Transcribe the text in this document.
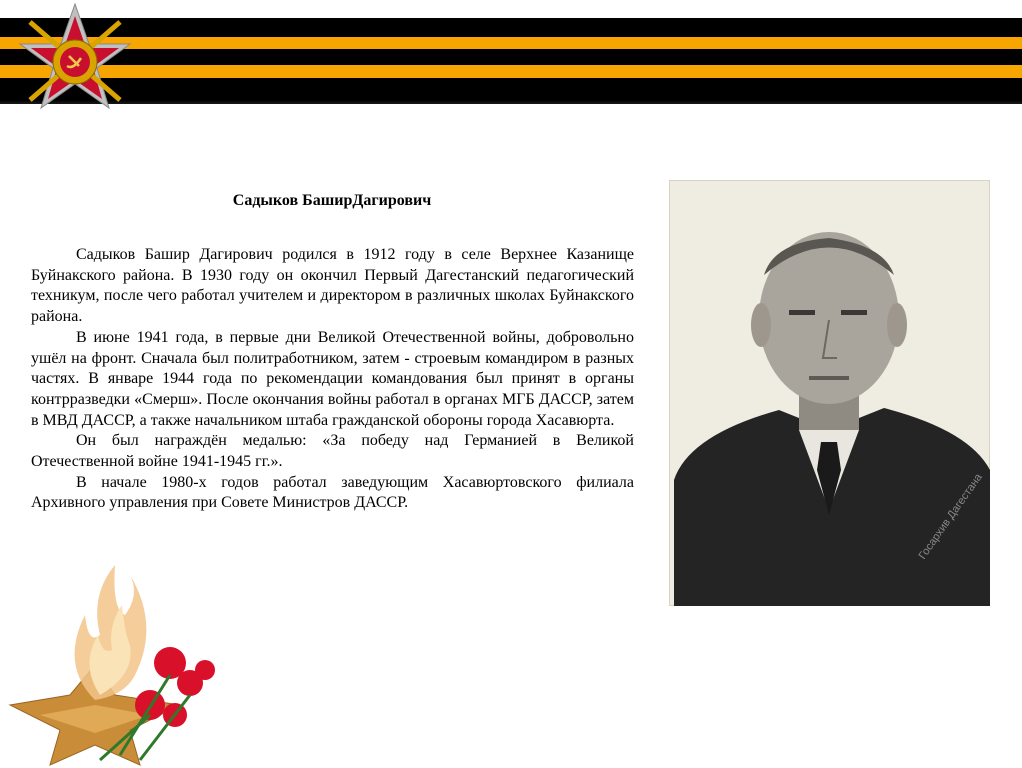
Садыков БаширДагирович

Садыков Башир Дагирович родился в 1912 году в селе Верхнее Казанище Буйнакского района. В 1930 году он окончил Первый Дагестанский педагогический техникум, после чего работал учителем и директором в различных школах Буйнакского района.

В июне 1941 года, в первые дни Великой Отечественной войны, добровольно ушёл на фронт. Сначала был политработником, затем - строевым командиром в разных частях. В январе 1944 года по рекомендации командования был принят в органы контрразведки «Смерш». После окончания войны работал в органах МГБ ДАССР, затем в МВД ДАССР, а также начальником штаба гражданской обороны города Хасавюрта.

Он был награждён медалью: «За победу над Германией в Великой Отечественной войне 1941-1945 гг.».

В начале 1980-х годов работал заведующим Хасавюртовского филиала Архивного управления при Совете Министров ДАССР.	Госархив Дагестана
